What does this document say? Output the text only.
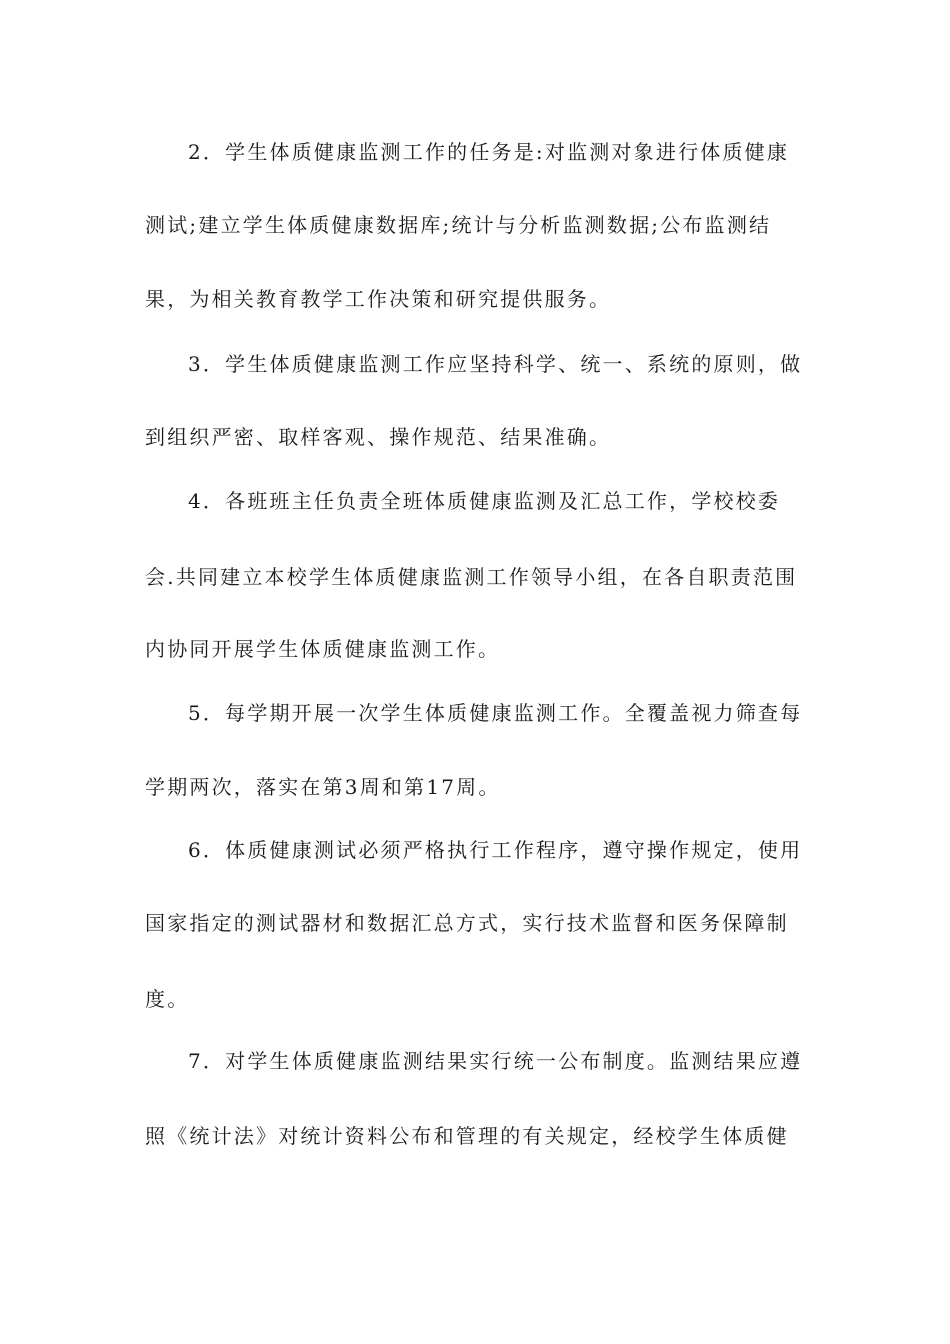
2．学生体质健康监测工作的任务是:对监测对象进行体质健康
测试;建立学生体质健康数据库;统计与分析监测数据;公布监测结
果，为相关教育教学工作决策和研究提供服务。
3．学生体质健康监测工作应坚持科学、统一、系统的原则，做
到组织严密、取样客观、操作规范、结果准确。
4．各班班主任负责全班体质健康监测及汇总工作，学校校委
会.共同建立本校学生体质健康监测工作领导小组，在各自职责范围
内协同开展学生体质健康监测工作。
5．每学期开展一次学生体质健康监测工作。全覆盖视力筛查每
学期两次，落实在第3周和第17周。
6．体质健康测试必须严格执行工作程序，遵守操作规定，使用
国家指定的测试器材和数据汇总方式，实行技术监督和医务保障制
度。
7．对学生体质健康监测结果实行统一公布制度。监测结果应遵
照《统计法》对统计资料公布和管理的有关规定，经校学生体质健
